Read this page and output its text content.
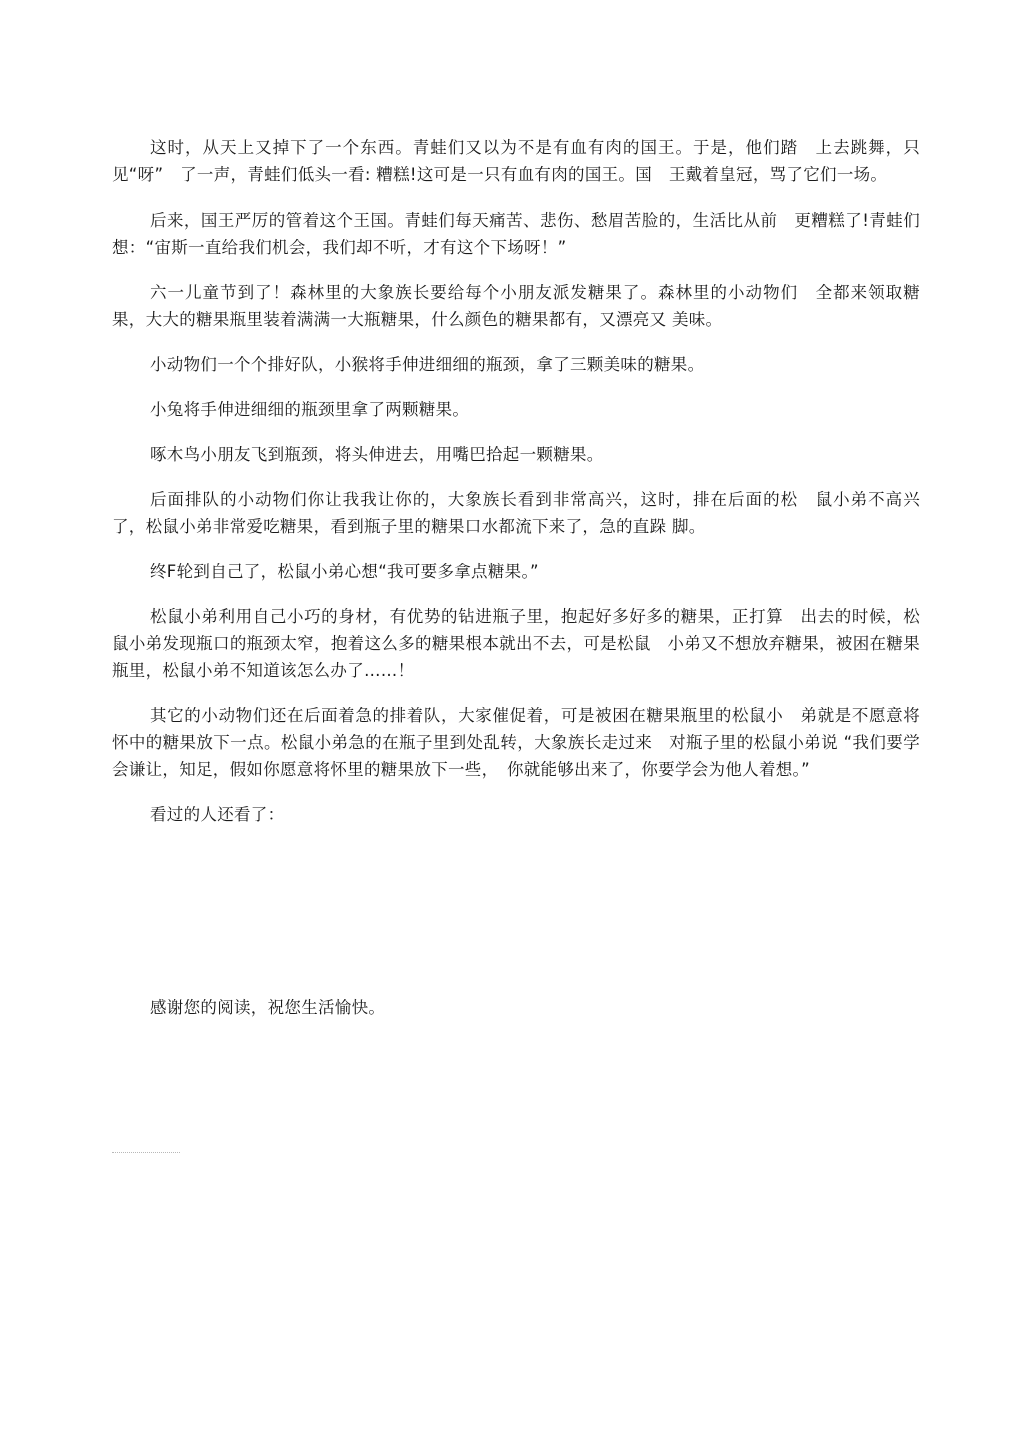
这时，从天上又掉下了一个东西。青蛙们又以为不是有血有肉的国王。于是，他们踏　上去跳舞，只见“呀”　了一声，青蛙们低头一看: 糟糕!这可是一只有血有肉的国王。国　王戴着皇冠，骂了它们一场。

后来，国王严厉的管着这个王国。青蛙们每天痛苦、悲伤、愁眉苦脸的，生活比从前　更糟糕了!青蛙们想：“宙斯一直给我们机会，我们却不听，才有这个下场呀！”

六一儿童节到了！森林里的大象族长要给每个小朋友派发糖果了。森林里的小动物们　全都来领取糖果，大大的糖果瓶里装着满满一大瓶糖果，什么颜色的糖果都有，又漂亮又 美味。

小动物们一个个排好队，小猴将手伸进细细的瓶颈，拿了三颗美味的糖果。

小兔将手伸进细细的瓶颈里拿了两颗糖果。

啄木鸟小朋友飞到瓶颈，将头伸进去，用嘴巴拾起一颗糖果。

后面排队的小动物们你让我我让你的，大象族长看到非常高兴，这时，排在后面的松　鼠小弟不高兴了，松鼠小弟非常爱吃糖果，看到瓶子里的糖果口水都流下来了，急的直跺 脚。

终F轮到自己了，松鼠小弟心想“我可要多拿点糖果。”

松鼠小弟利用自己小巧的身材，有优势的钻进瓶子里，抱起好多好多的糖果，正打算　出去的时候，松鼠小弟发现瓶口的瓶颈太窄，抱着这么多的糖果根本就出不去，可是松鼠　小弟又不想放弃糖果，被困在糖果瓶里，松鼠小弟不知道该怎么办了……！

其它的小动物们还在后面着急的排着队，大家催促着，可是被困在糖果瓶里的松鼠小　弟就是不愿意将怀中的糖果放下一点。松鼠小弟急的在瓶子里到处乱转，大象族长走过来　对瓶子里的松鼠小弟说 “我们要学会谦让，知足，假如你愿意将怀里的糖果放下一些，　你就能够出来了，你要学会为他人着想。”

看过的人还看了：

感谢您的阅读，祝您生活愉快。
